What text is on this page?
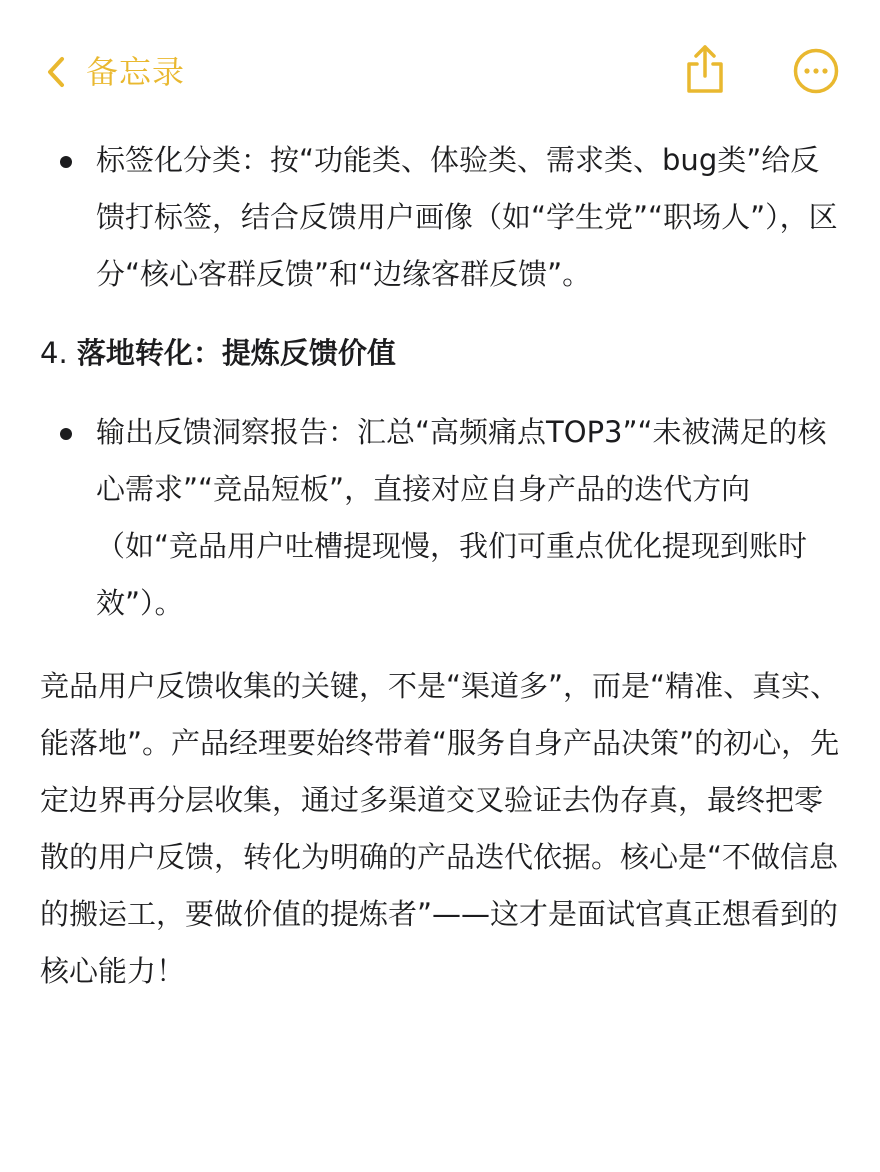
备忘录
标签化分类：按“功能类、体验类、需求类、bug类”给反馈打标签，结合反馈用户画像（如“学生党”“职场人”），区分“核心客群反馈”和“边缘客群反馈”。
4. 落地转化：提炼反馈价值
输出反馈洞察报告：汇总“高频痛点TOP3”“未被满足的核心需求”“竞品短板”，直接对应自身产品的迭代方向（如“竞品用户吐槽提现慢，我们可重点优化提现到账时效”）。

竞品用户反馈收集的关键，不是“渠道多”，而是“精准、真实、能落地”。产品经理要始终带着“服务自身产品决策”的初心，先定边界再分层收集，通过多渠道交叉验证去伪存真，最终把零散的用户反馈，转化为明确的产品迭代依据。核心是“不做信息的搬运工，要做价值的提炼者”——这才是面试官真正想看到的核心能力！
